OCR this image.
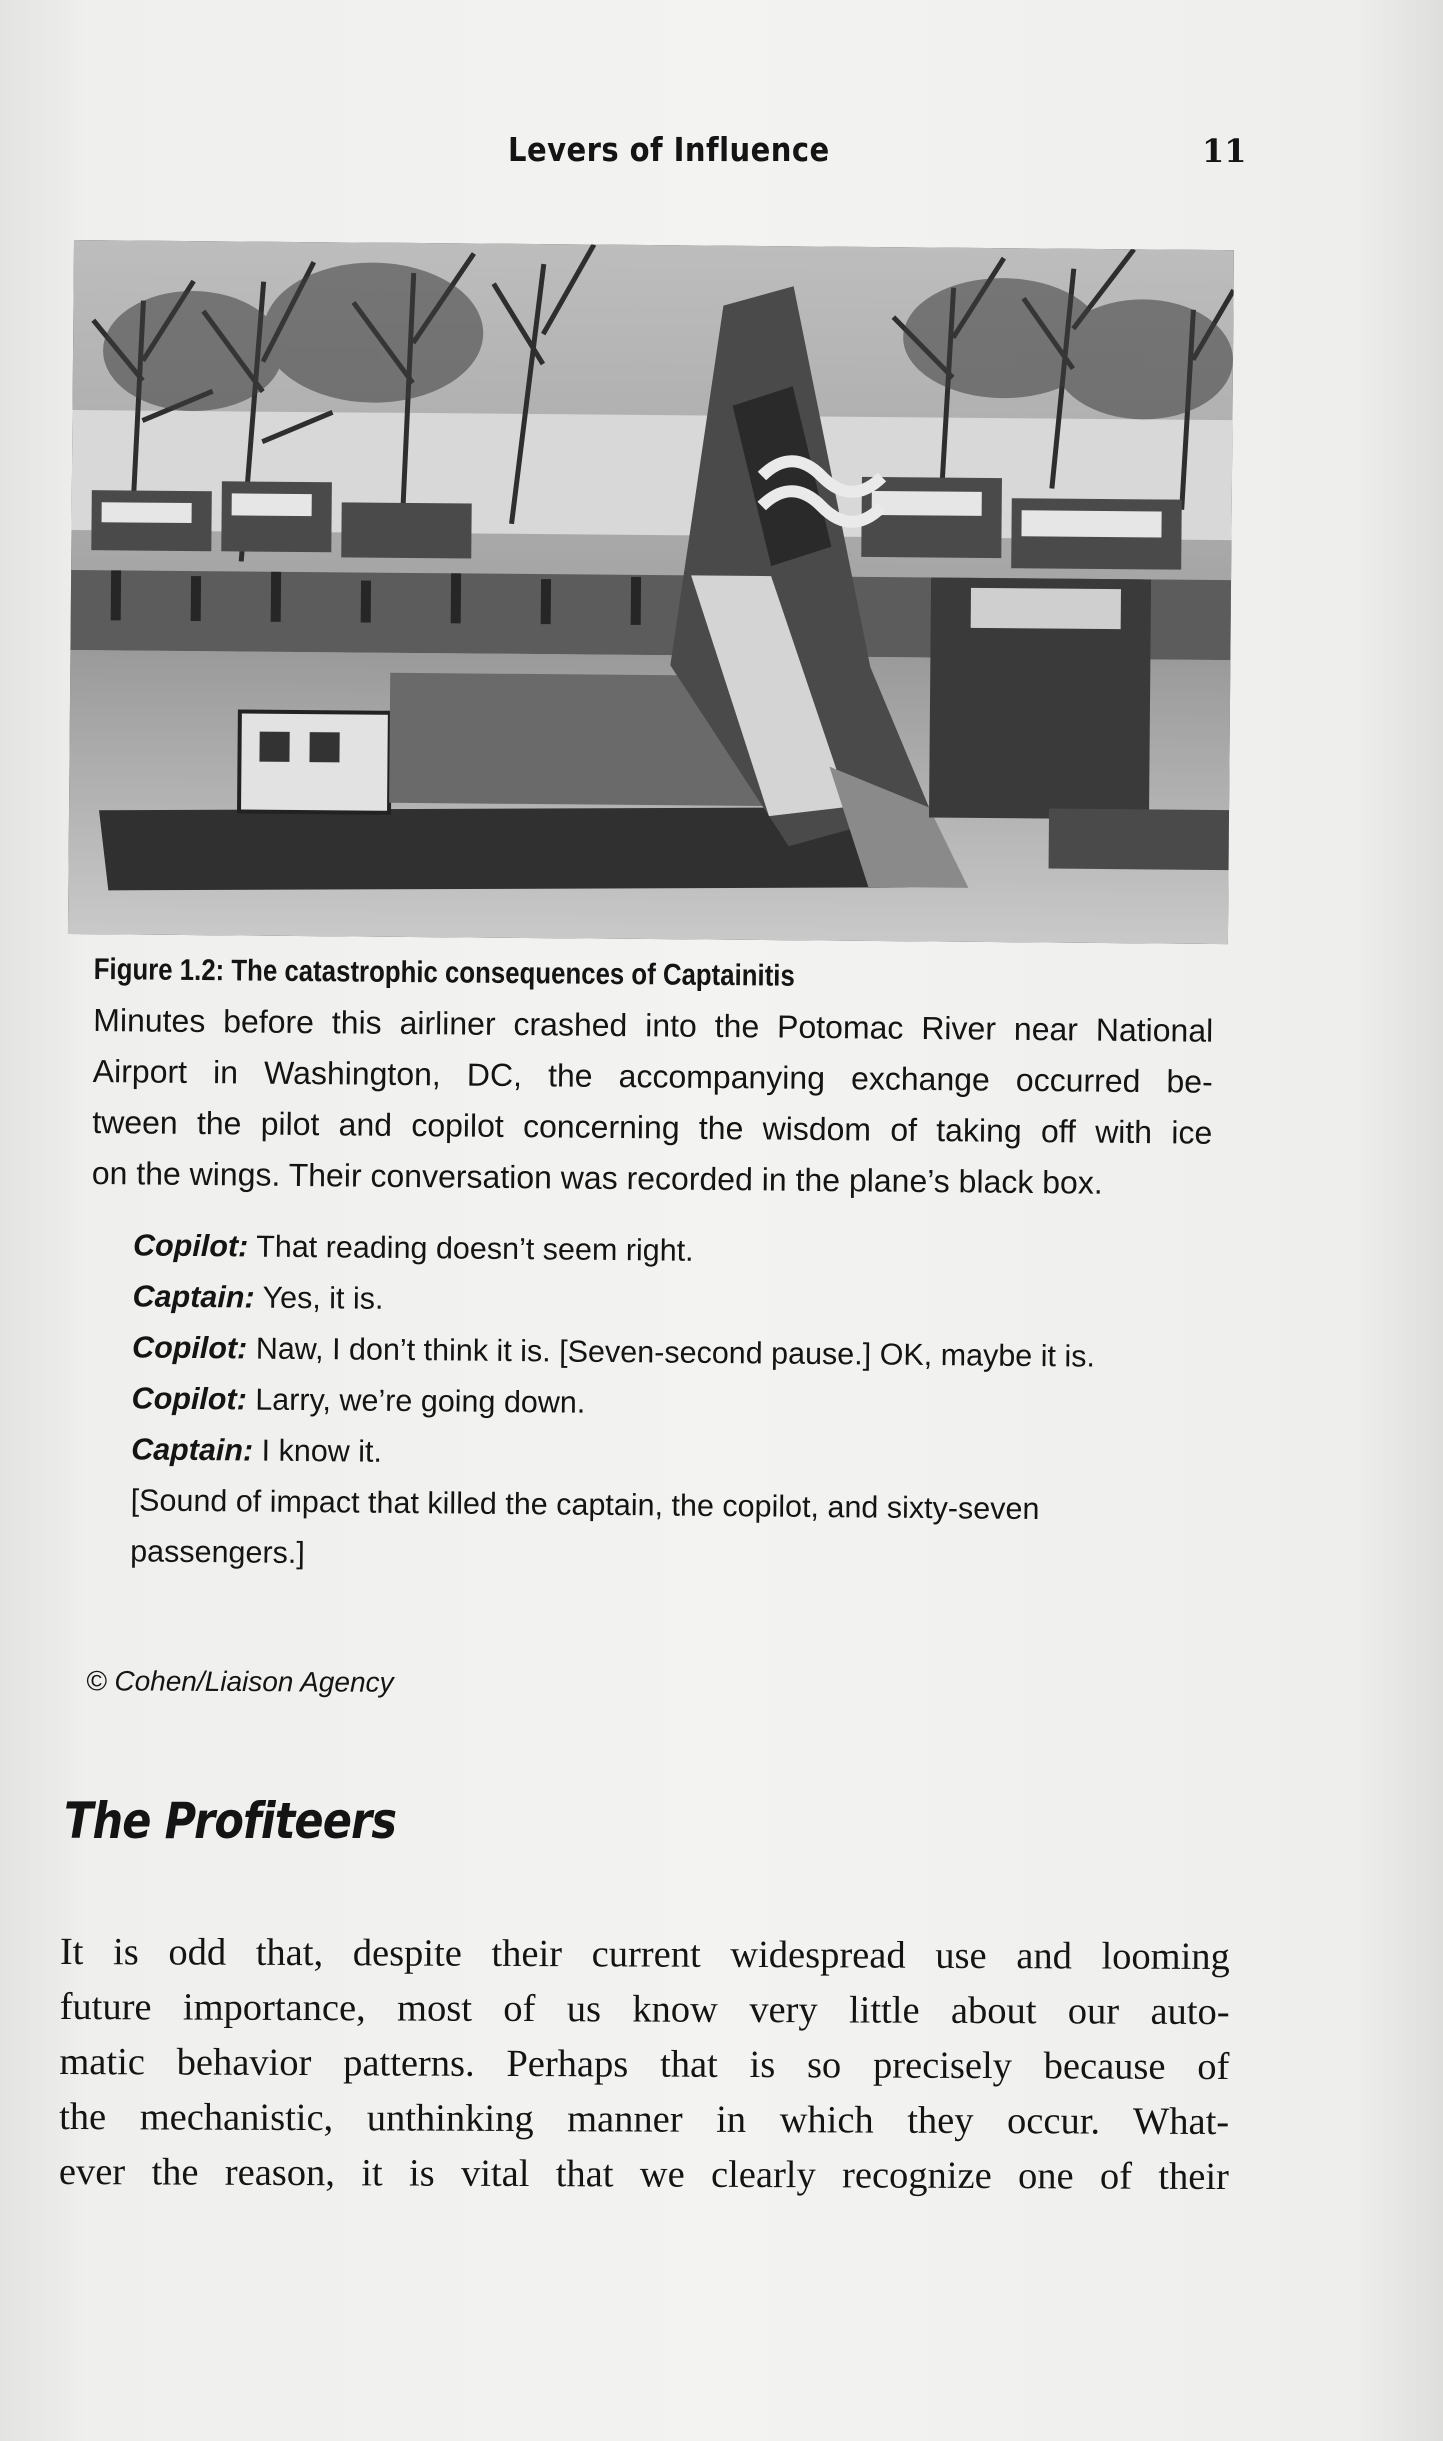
Levers of Influence	11

Figure 1.2: The catastrophic consequences of Captainitis

Minutes before this airliner crashed into the Potomac River near National

Airport in Washington, DC, the accompanying exchange occurred be-

tween the pilot and copilot concerning the wisdom of taking off with ice

on the wings. Their conversation was recorded in the plane’s black box.

Copilot: That reading doesn’t seem right.

Captain: Yes, it is.

Copilot: Naw, I don’t think it is. [Seven-second pause.] OK, maybe it is.

Copilot: Larry, we’re going down.

Captain: I know it.

[Sound of impact that killed the captain, the copilot, and sixty-seven

passengers.]

© Cohen/Liaison Agency
The Profiteers

It is odd that, despite their current widespread use and looming

future importance, most of us know very little about our auto-

matic behavior patterns. Perhaps that is so precisely because of

the mechanistic, unthinking manner in which they occur. What-

ever the reason, it is vital that we clearly recognize one of their
